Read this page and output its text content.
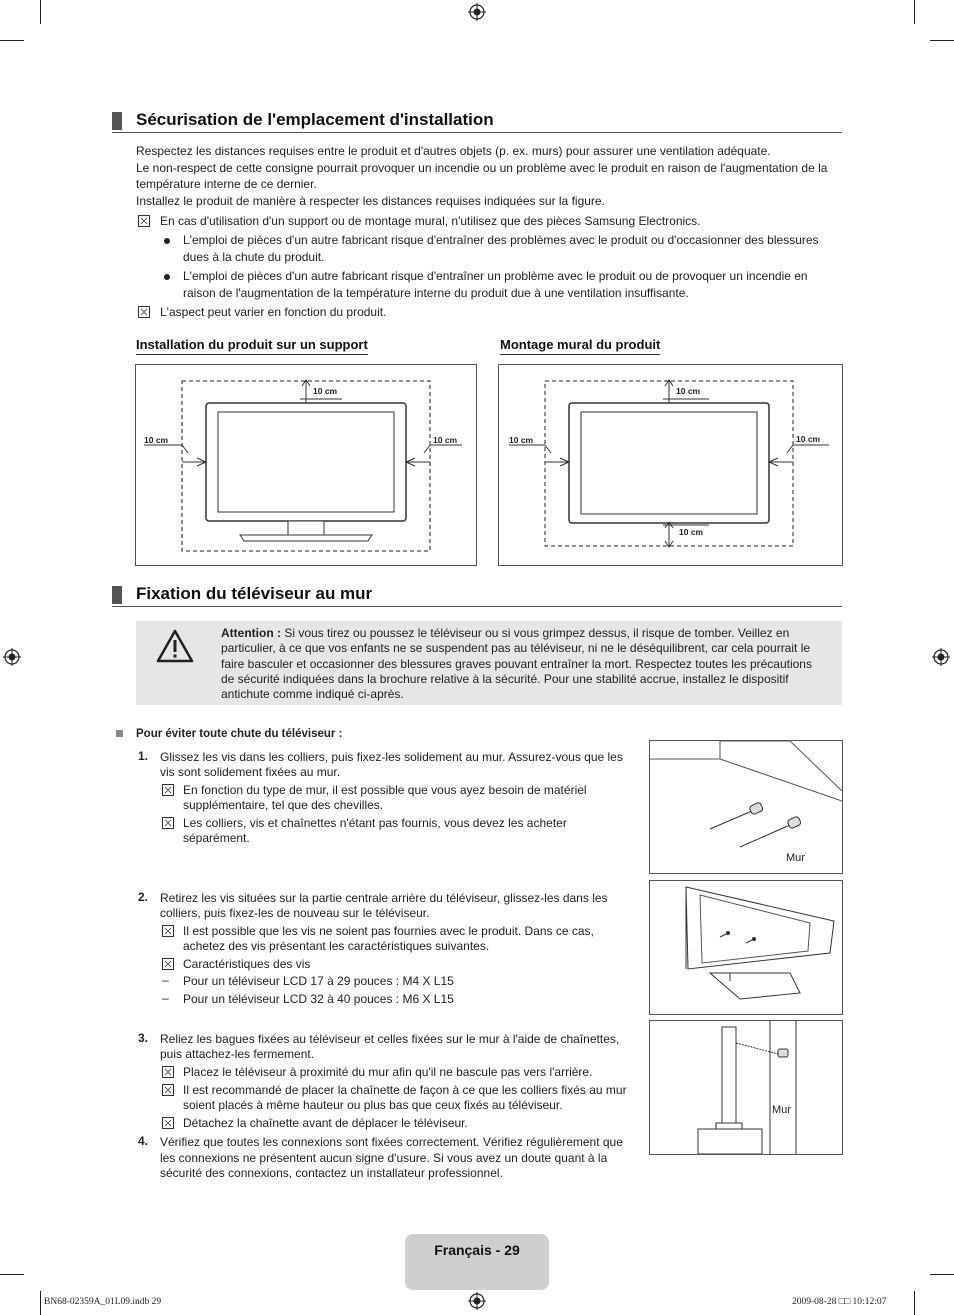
Sécurisation de l'emplacement d'installation
Respectez les distances requises entre le produit et d'autres objets (p. ex. murs) pour assurer une ventilation adéquate.
Le non-respect de cette consigne pourrait provoquer un incendie ou un problème avec le produit en raison de l'augmentation de la
température interne de ce dernier.
Installez le produit de manière à respecter les distances requises indiquées sur la figure.
En cas d'utilisation d'un support ou de montage mural, n'utilisez que des pièces Samsung Electronics.
L'emploi de pièces d'un autre fabricant risque d'entraîner des problèmes avec le produit ou d'occasionner des blessures
dues à la chute du produit.
L'emploi de pièces d'un autre fabricant risque d'entraîner un problème avec le produit ou de provoquer un incendie en
raison de l'augmentation de la température interne du produit due à une ventilation insuffisante.
L'aspect peut varier en fonction du produit.
Installation du produit sur un support	Montage mural du produit
10 cm
10 cm	10 cm
10 cm
10 cm	10 cm
10 cm
Fixation du téléviseur au mur
Attention : Si vous tirez ou poussez le téléviseur ou si vous grimpez dessus, il risque de tomber. Veillez en
particulier, à ce que vos enfants ne se suspendent pas au téléviseur, ni ne le déséquilibrent, car cela pourrait le
faire basculer et occasionner des blessures graves pouvant entraîner la mort. Respectez toutes les précautions
de sécurité indiquées dans la brochure relative à la sécurité. Pour une stabilité accrue, installez le dispositif
antichute comme indiqué ci-après.
Pour éviter toute chute du téléviseur :
1. Glissez les vis dans les colliers, puis fixez-les solidement au mur. Assurez-vous que les
vis sont solidement fixées au mur.
En fonction du type de mur, il est possible que vous ayez besoin de matériel
supplémentaire, tel que des chevilles.
Les colliers, vis et chaînettes n'étant pas fournis, vous devez les acheter
séparément.
Mur
2. Retirez les vis situées sur la partie centrale arrière du téléviseur, glissez-les dans les
colliers, puis fixez-les de nouveau sur le téléviseur.
Il est possible que les vis ne soient pas fournies avec le produit. Dans ce cas,
achetez des vis présentant les caractéristiques suivantes.
Caractéristiques des vis
– Pour un téléviseur LCD 17 à 29 pouces : M4 X L15
– Pour un téléviseur LCD 32 à 40 pouces : M6 X L15
3. Reliez les bagues fixées au téléviseur et celles fixées sur le mur à l'aide de chaînettes,
puis attachez-les fermement.
Placez le téléviseur à proximité du mur afin qu'il ne bascule pas vers l'arrière.
Il est recommandé de placer la chaînette de façon à ce que les colliers fixés au mur
soient placés à même hauteur ou plus bas que ceux fixés au téléviseur.
Détachez la chaînette avant de déplacer le téléviseur.
4. Vérifiez que toutes les connexions sont fixées correctement. Vérifiez régulièrement que
les connexions ne présentent aucun signe d'usure. Si vous avez un doute quant à la
sécurité des connexions, contactez un installateur professionnel.
Mur
Français - 29
BN68-02359A_01L09.indb 29	2009-08-28 □□ 10:12:07
